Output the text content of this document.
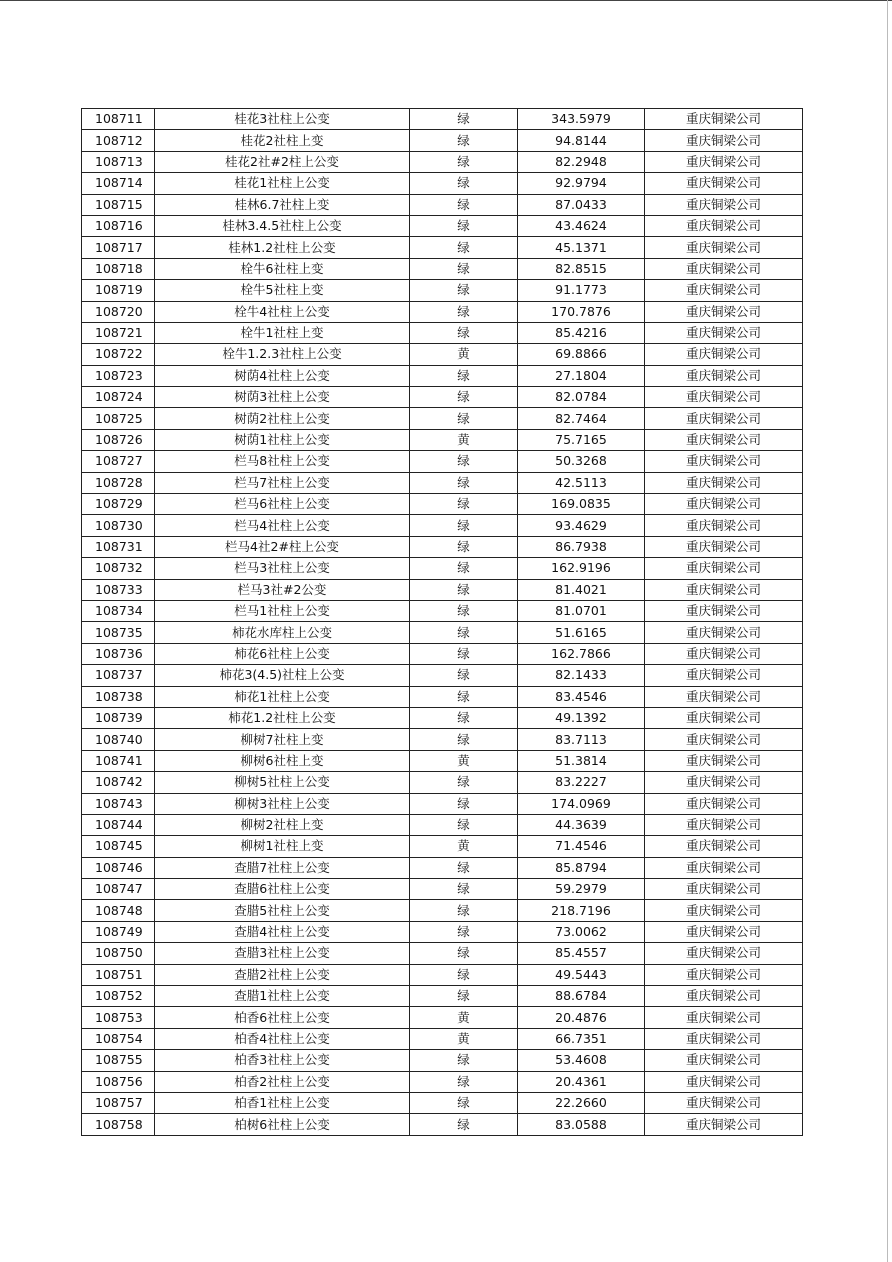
108711	桂花3社柱上公变	绿	343.5979	重庆铜梁公司
108712	桂花2社柱上变	绿	94.8144	重庆铜梁公司
108713	桂花2社#2柱上公变	绿	82.2948	重庆铜梁公司
108714	桂花1社柱上公变	绿	92.9794	重庆铜梁公司
108715	桂林6.7社柱上变	绿	87.0433	重庆铜梁公司
108716	桂林3.4.5社柱上公变	绿	43.4624	重庆铜梁公司
108717	桂林1.2社柱上公变	绿	45.1371	重庆铜梁公司
108718	栓牛6社柱上变	绿	82.8515	重庆铜梁公司
108719	栓牛5社柱上变	绿	91.1773	重庆铜梁公司
108720	栓牛4社柱上公变	绿	170.7876	重庆铜梁公司
108721	栓牛1社柱上变	绿	85.4216	重庆铜梁公司
108722	栓牛1.2.3社柱上公变	黄	69.8866	重庆铜梁公司
108723	树荫4社柱上公变	绿	27.1804	重庆铜梁公司
108724	树荫3社柱上公变	绿	82.0784	重庆铜梁公司
108725	树荫2社柱上公变	绿	82.7464	重庆铜梁公司
108726	树荫1社柱上公变	黄	75.7165	重庆铜梁公司
108727	栏马8社柱上公变	绿	50.3268	重庆铜梁公司
108728	栏马7社柱上公变	绿	42.5113	重庆铜梁公司
108729	栏马6社柱上公变	绿	169.0835	重庆铜梁公司
108730	栏马4社柱上公变	绿	93.4629	重庆铜梁公司
108731	栏马4社2#柱上公变	绿	86.7938	重庆铜梁公司
108732	栏马3社柱上公变	绿	162.9196	重庆铜梁公司
108733	栏马3社#2公变	绿	81.4021	重庆铜梁公司
108734	栏马1社柱上公变	绿	81.0701	重庆铜梁公司
108735	柿花水库柱上公变	绿	51.6165	重庆铜梁公司
108736	柿花6社柱上公变	绿	162.7866	重庆铜梁公司
108737	柿花3(4.5)社柱上公变	绿	82.1433	重庆铜梁公司
108738	柿花1社柱上公变	绿	83.4546	重庆铜梁公司
108739	柿花1.2社柱上公变	绿	49.1392	重庆铜梁公司
108740	柳树7社柱上变	绿	83.7113	重庆铜梁公司
108741	柳树6社柱上变	黄	51.3814	重庆铜梁公司
108742	柳树5社柱上公变	绿	83.2227	重庆铜梁公司
108743	柳树3社柱上公变	绿	174.0969	重庆铜梁公司
108744	柳树2社柱上变	绿	44.3639	重庆铜梁公司
108745	柳树1社柱上变	黄	71.4546	重庆铜梁公司
108746	查腊7社柱上公变	绿	85.8794	重庆铜梁公司
108747	查腊6社柱上公变	绿	59.2979	重庆铜梁公司
108748	查腊5社柱上公变	绿	218.7196	重庆铜梁公司
108749	查腊4社柱上公变	绿	73.0062	重庆铜梁公司
108750	查腊3社柱上公变	绿	85.4557	重庆铜梁公司
108751	查腊2社柱上公变	绿	49.5443	重庆铜梁公司
108752	查腊1社柱上公变	绿	88.6784	重庆铜梁公司
108753	柏香6社柱上公变	黄	20.4876	重庆铜梁公司
108754	柏香4社柱上公变	黄	66.7351	重庆铜梁公司
108755	柏香3社柱上公变	绿	53.4608	重庆铜梁公司
108756	柏香2社柱上公变	绿	20.4361	重庆铜梁公司
108757	柏香1社柱上公变	绿	22.2660	重庆铜梁公司
108758	柏树6社柱上公变	绿	83.0588	重庆铜梁公司
